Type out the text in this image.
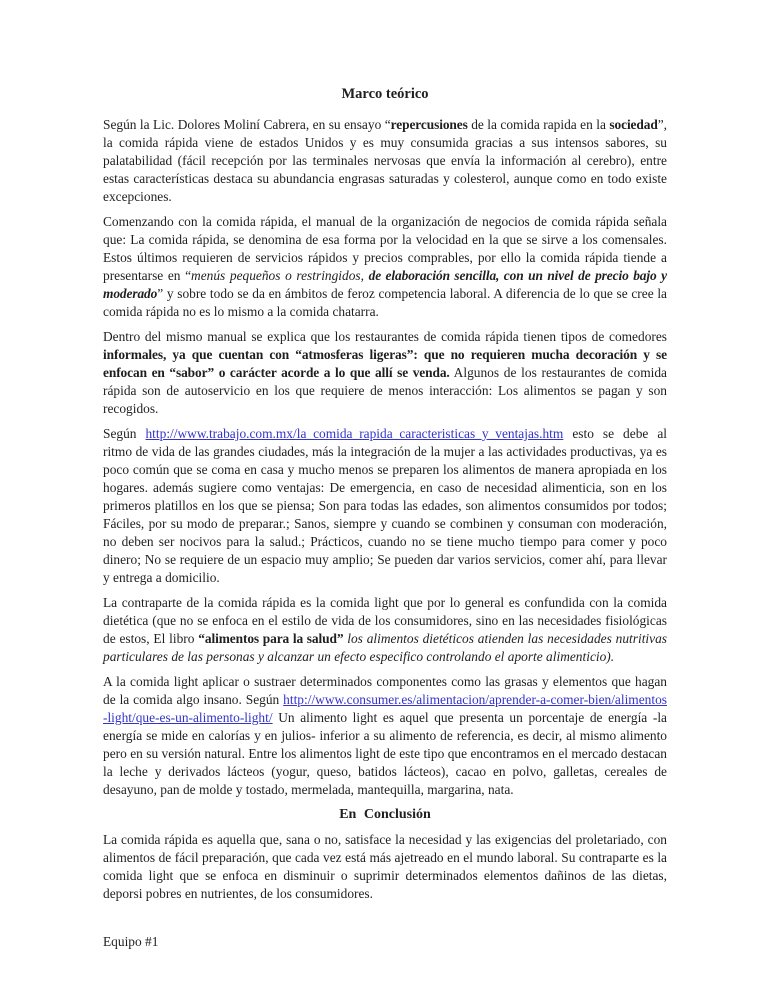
Marco teórico

Según la Lic. Dolores Moliní Cabrera, en su ensayo “repercusiones de la comida rapida en la sociedad”, la comida rápida viene de estados Unidos y es muy consumida gracias a sus intensos sabores, su palatabilidad (fácil recepción por las terminales nervosas que envía la información al cerebro), entre estas características destaca su abundancia engrasas saturadas y colesterol, aunque como en todo existe excepciones.

Comenzando con la comida rápida, el manual de la organización de negocios de comida rápida señala que: La comida rápida, se denomina de esa forma por la velocidad en la que se sirve a los comensales. Estos últimos requieren de servicios rápidos y precios comprables, por ello la comida rápida tiende a presentarse en “menús pequeños o restringidos, de elaboración sencilla, con un nivel de precio bajo y moderado” y sobre todo se da en ámbitos de feroz competencia laboral. A diferencia de lo que se cree la comida rápida no es lo mismo a la comida chatarra.

Dentro del mismo manual se explica que los restaurantes de comida rápida tienen tipos de comedores informales, ya que cuentan con “atmosferas ligeras”: que no requieren mucha decoración y se enfocan en “sabor” o carácter acorde a lo que allí se venda. Algunos de los restaurantes de comida rápida son de autoservicio en los que requiere de menos interacción: Los alimentos se pagan y son recogidos.

Según http://www.trabajo.com.mx/la_comida_rapida_caracteristicas_y_ventajas.htm esto se debe al ritmo de vida de las grandes ciudades, más la integración de la mujer a las actividades productivas, ya es poco común que se coma en casa y mucho menos se preparen los alimentos de manera apropiada en los hogares. además sugiere como ventajas: De emergencia, en caso de necesidad alimenticia, son en los primeros platillos en los que se piensa; Son para todas las edades, son alimentos consumidos por todos; Fáciles, por su modo de preparar.; Sanos, siempre y cuando se combinen y consuman con moderación, no deben ser nocivos para la salud.; Prácticos, cuando no se tiene mucho tiempo para comer y poco dinero; No se requiere de un espacio muy amplio; Se pueden dar varios servicios, comer ahí, para llevar y entrega a domicilio.

La contraparte de la comida rápida es la comida light que por lo general es confundida con la comida dietética (que no se enfoca en el estilo de vida de los consumidores, sino en las necesidades fisiológicas de estos, El libro “alimentos para la salud” los alimentos dietéticos atienden las necesidades nutritivas particulares de las personas y alcanzar un efecto especifico controlando el aporte alimenticio).

A la comida light aplicar o sustraer determinados componentes como las grasas y elementos que hagan de la comida algo insano. Según http://www.consumer.es/alimentacion/aprender-a-comer-bien/alimentos-light/que-es-un-alimento-light/ Un alimento light es aquel que presenta un porcentaje de energía -la energía se mide en calorías y en julios- inferior a su alimento de referencia, es decir, al mismo alimento pero en su versión natural. Entre los alimentos light de este tipo que encontramos en el mercado destacan la leche y derivados lácteos (yogur, queso, batidos lácteos), cacao en polvo, galletas, cereales de desayuno, pan de molde y tostado, mermelada, mantequilla, margarina, nata.

En Conclusión

La comida rápida es aquella que, sana o no, satisface la necesidad y las exigencias del proletariado, con alimentos de fácil preparación, que cada vez está más ajetreado en el mundo laboral. Su contraparte es la comida light que se enfoca en disminuir o suprimir determinados elementos dañinos de las dietas, deporsi pobres en nutrientes, de los consumidores.

Equipo #1
